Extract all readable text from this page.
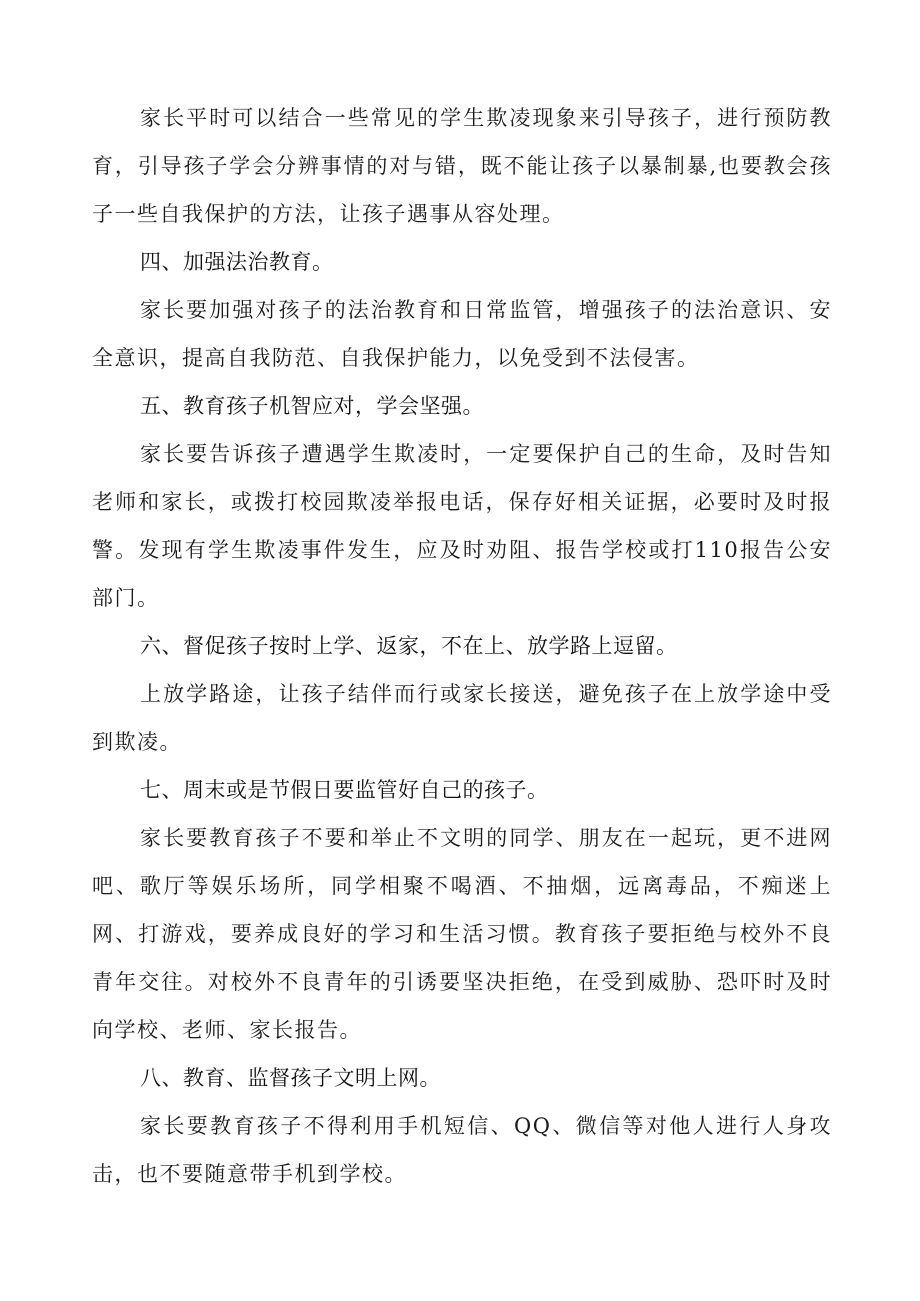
家长平时可以结合一些常见的学生欺凌现象来引导孩子，进行预防教育，引导孩子学会分辨事情的对与错，既不能让孩子以暴制暴,也要教会孩子一些自我保护的方法，让孩子遇事从容处理。

四、加强法治教育。

家长要加强对孩子的法治教育和日常监管，增强孩子的法治意识、安全意识，提高自我防范、自我保护能力，以免受到不法侵害。

五、教育孩子机智应对，学会坚强。

家长要告诉孩子遭遇学生欺凌时，一定要保护自己的生命，及时告知老师和家长，或拨打校园欺凌举报电话，保存好相关证据，必要时及时报警。发现有学生欺凌事件发生，应及时劝阻、报告学校或打110报告公安部门。

六、督促孩子按时上学、返家，不在上、放学路上逗留。

上放学路途，让孩子结伴而行或家长接送，避免孩子在上放学途中受到欺凌。

七、周末或是节假日要监管好自己的孩子。

家长要教育孩子不要和举止不文明的同学、朋友在一起玩，更不进网吧、歌厅等娱乐场所，同学相聚不喝酒、不抽烟，远离毒品，不痴迷上网、打游戏，要养成良好的学习和生活习惯。教育孩子要拒绝与校外不良青年交往。对校外不良青年的引诱要坚决拒绝，在受到威胁、恐吓时及时向学校、老师、家长报告。

八、教育、监督孩子文明上网。

家长要教育孩子不得利用手机短信、QQ、微信等对他人进行人身攻击，也不要随意带手机到学校。
